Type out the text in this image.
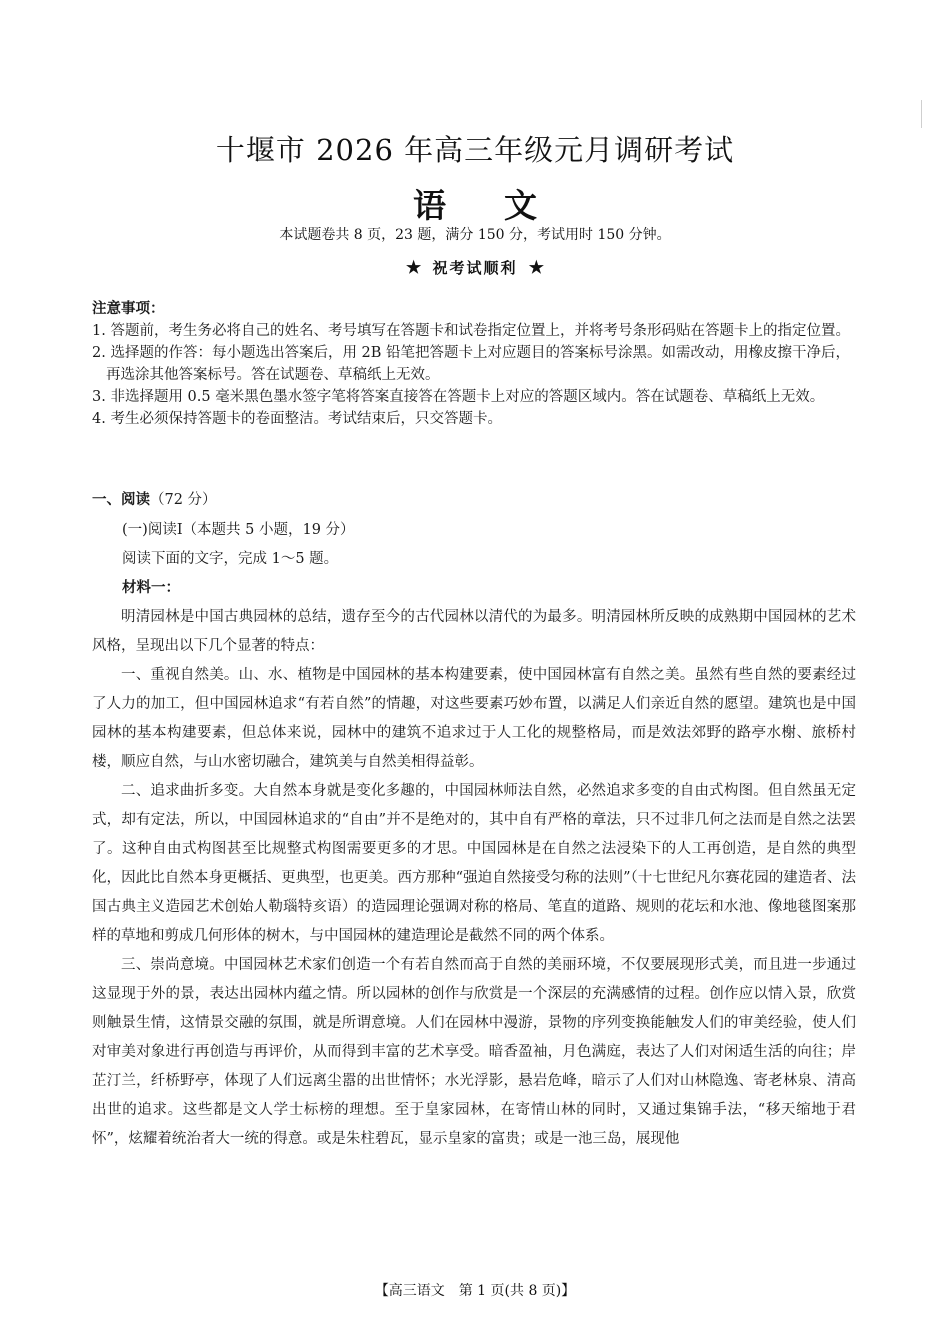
十堰市 2026 年高三年级元月调研考试
语文
本试题卷共 8 页，23 题，满分 150 分，考试用时 150 分钟。
★ 祝考试顺利 ★
注意事项：
1. 答题前，考生务必将自己的姓名、考号填写在答题卡和试卷指定位置上，并将考号条形码贴在答题卡上的指定位置。
2. 选择题的作答：每小题选出答案后，用 2B 铅笔把答题卡上对应题目的答案标号涂黑。如需改动，用橡皮擦干净后，再选涂其他答案标号。答在试题卷、草稿纸上无效。
3. 非选择题用 0.5 毫米黑色墨水签字笔将答案直接答在答题卡上对应的答题区域内。答在试题卷、草稿纸上无效。
4. 考生必须保持答题卡的卷面整洁。考试结束后，只交答题卡。
一、阅读（72 分）
(一)阅读Ⅰ（本题共 5 小题，19 分）
阅读下面的文字，完成 1～5 题。
材料一：

明清园林是中国古典园林的总结，遗存至今的古代园林以清代的为最多。明清园林所反映的成熟期中国园林的艺术风格，呈现出以下几个显著的特点：

一、重视自然美。山、水、植物是中国园林的基本构建要素，使中国园林富有自然之美。虽然有些自然的要素经过了人力的加工，但中国园林追求“有若自然”的情趣，对这些要素巧妙布置，以满足人们亲近自然的愿望。建筑也是中国园林的基本构建要素，但总体来说，园林中的建筑不追求过于人工化的规整格局，而是效法郊野的路亭水榭、旅桥村楼，顺应自然，与山水密切融合，建筑美与自然美相得益彰。

二、追求曲折多变。大自然本身就是变化多趣的，中国园林师法自然，必然追求多变的自由式构图。但自然虽无定式，却有定法，所以，中国园林追求的“自由”并不是绝对的，其中自有严格的章法，只不过非几何之法而是自然之法罢了。这种自由式构图甚至比规整式构图需要更多的才思。中国园林是在自然之法浸染下的人工再创造，是自然的典型化，因此比自然本身更概括、更典型，也更美。西方那种“强迫自然接受匀称的法则”（十七世纪凡尔赛花园的建造者、法国古典主义造园艺术创始人勒瑙特亥语）的造园理论强调对称的格局、笔直的道路、规则的花坛和水池、像地毯图案那样的草地和剪成几何形体的树木，与中国园林的建造理论是截然不同的两个体系。

三、崇尚意境。中国园林艺术家们创造一个有若自然而高于自然的美丽环境，不仅要展现形式美，而且进一步通过这显现于外的景，表达出园林内蕴之情。所以园林的创作与欣赏是一个深层的充满感情的过程。创作应以情入景，欣赏则触景生情，这情景交融的氛围，就是所谓意境。人们在园林中漫游，景物的序列变换能触发人们的审美经验，使人们对审美对象进行再创造与再评价，从而得到丰富的艺术享受。暗香盈袖，月色满庭，表达了人们对闲适生活的向往；岸芷汀兰，纤桥野亭，体现了人们远离尘嚣的出世情怀；水光浮影，悬岩危峰，暗示了人们对山林隐逸、寄老林泉、清高出世的追求。这些都是文人学士标榜的理想。至于皇家园林，在寄情山林的同时，又通过集锦手法，“移天缩地于君怀”，炫耀着统治者大一统的得意。或是朱柱碧瓦，显示皇家的富贵；或是一池三岛，展现他

【高三语文　第 1 页(共 8 页)】
